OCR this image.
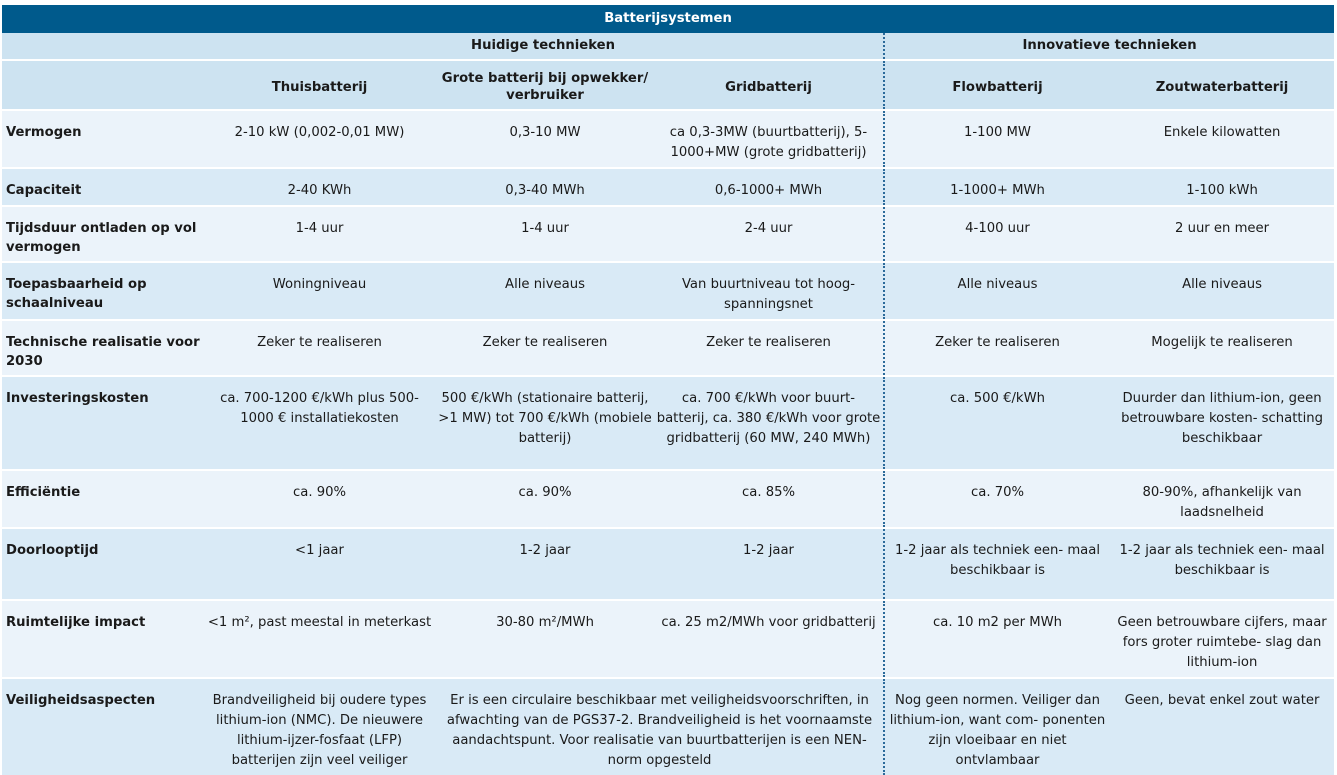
Batterijsystemen					
	Huidige technieken			Innovatieve technieken	
	Thuisbatterij	Grote batterij bij opwekker/ verbruiker	Gridbatterij	Flowbatterij	Zoutwaterbatterij
Vermogen	2-10 kW (0,002-0,01 MW)	0,3-10 MW	ca 0,3-3MW (buurtbatterij), 5-1000+MW (grote gridbatterij)	1-100 MW	Enkele kilowatten
Capaciteit	2-40 KWh	0,3-40 MWh	0,6-1000+ MWh	1-1000+ MWh	1-100 kWh
Tijdsduur ontladen op vol vermogen	1-4 uur	1-4 uur	2-4 uur	4-100 uur	2 uur en meer
Toepasbaarheid op schaalniveau	Woningniveau	Alle niveaus	Van buurtniveau tot hoog- spanningsnet	Alle niveaus	Alle niveaus
Technische realisatie voor 2030	Zeker te realiseren	Zeker te realiseren	Zeker te realiseren	Zeker te realiseren	Mogelijk te realiseren
Investeringskosten	ca. 700-1200 €/kWh plus 500- 1000 € installatiekosten	500 €/kWh (stationaire batterij, >1 MW) tot 700 €/kWh (mobiele batterij)	ca. 700 €/kWh voor buurt- batterij, ca. 380 €/kWh voor grote gridbatterij (60 MW, 240 MWh)	ca. 500 €/kWh	Duurder dan lithium-ion, geen betrouwbare kosten- schatting beschikbaar
Efficiëntie	ca. 90%	ca. 90%	ca. 85%	ca. 70%	80-90%, afhankelijk van laadsnelheid
Doorlooptijd	<1 jaar	1-2 jaar	1-2 jaar	1-2 jaar als techniek een- maal beschikbaar is	1-2 jaar als techniek een- maal beschikbaar is
Ruimtelijke impact	<1 m², past meestal in meterkast	30-80 m²/MWh	ca. 25 m2/MWh voor gridbatterij	ca. 10 m2 per MWh	Geen betrouwbare cijfers, maar fors groter ruimtebe- slag dan lithium-ion
Veiligheidsaspecten	Brandveiligheid bij oudere types lithium-ion (NMC). De nieuwere lithium-ijzer-fosfaat (LFP) batterijen zijn veel veiliger	Er is een circulaire beschikbaar met veiligheidsvoorschriften, in afwachting van de PGS37-2. Brandveiligheid is het voornaamste aandachtspunt. Voor realisatie van buurtbatterijen is een NEN-norm opgesteld		Nog geen normen. Veiliger dan lithium-ion, want com- ponenten zijn vloeibaar en niet ontvlambaar	Geen, bevat enkel zout water
